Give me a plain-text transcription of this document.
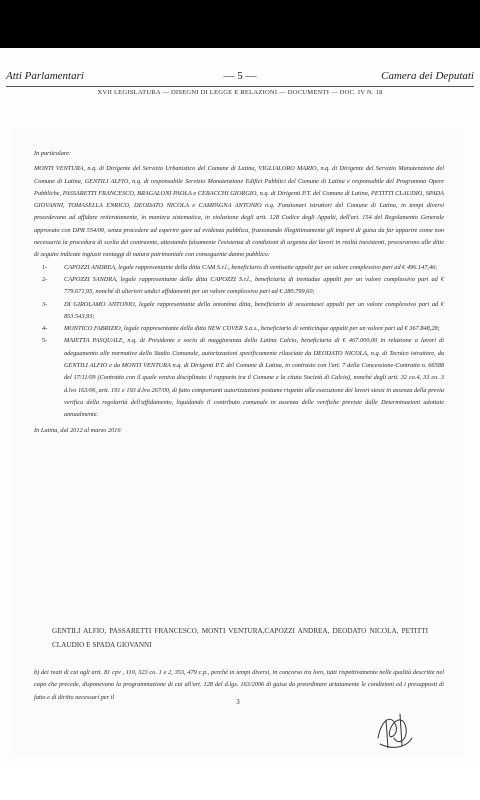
Atti Parlamentari	— 5 —	Camera dei Deputati
XVII LEGISLATURA — DISEGNI DI LEGGE E RELAZIONI — DOCUMENTI — DOC. IV N. 18

In particolare:

MONTI VENTURA, n.q. di Dirigente del Servizio Urbanistico del Comune di Latina, VIGLIALORO MARIO, n.q. di Dirigente del Servizio Manutenzione del Comune di Latina, GENTILI ALFIO, n.q. di responsabile Servizio Manutenzione Edifici Pubblici del Comune di Latina e responsabile del Programma Opere Pubbliche, PASSARETTI FRANCESCO, BRAGALONI PAOLA e CERACCHI GIORGIO, n.q. di Dirigenti P.T. del Comune di Latina, PETITTI CLAUDIO, SPADA GIOVANNI, TOMASELLA ENRICO, DEODATO NICOLA e CAMPAGNA ANTONIO n.q. Funzionari istruttori del Comune di Latina, in tempi diversi procedevano ad affidare reiteratamente, in maniera sistematica, in violazione degli artt. 128 Codice degli Appalti, dell'art. 154 del Regolamento Generale approvato con DPR 554/00, senza procedere ad esperire gare ad evidenza pubblica, frazionando illegittimamente gli importi di guisa da far apparire come non necessaria la procedura di scelta del contraente, attestando falsamente l'esistenza di condizioni di urgenza dei lavori in realtà inesistenti, procurarono alle ditte di seguito indicate ingiusti vantaggi di natura patrimoniale con conseguente danno pubblico:

1-	CAPOZZI ANDREA, legale rappresentante della ditta CAM S.r.l., beneficiario di ventisette appalti per un valore complessivo pari ad € 496.147,46;
2-	CAPOZZI SANDRA, legale rappresentante della ditta CAPOZZI S.r.l., beneficiaria di trentadue appalti per un valore complessivo pari ad € 779.671,95, nonché di ulteriori undici affidamenti per un valore complessivo pari ad € 280.799,60;
3-	DI GIROLAMO ANTONIO, legale rappresentante della omonima ditta, beneficiario di sessantasei appalti per un valore complessivo pari ad € 853.543,93;
4-	MONTICO FABRIZIO, legale rappresentante della ditta NEW COVER S.a.s., beneficiario di venticinque appalti per un valore pari ad € 367.848,28;
5-	MAIETTA PASQUALE, n.q. di Presidente e socio di maggioranza della Latina Calcio, beneficiaria di € 467.000,00 in relazione a lavori di adeguamento alle normative dello Stadio Comunale, autorizzazioni specificamente rilasciate da DEODATO NICOLA, n.q. di Tecnico istruttore, da GENTILI ALFIO e da MONTI VENTURA n.q. di Dirigenti P.T. del Comune di Latina, in contrasto con l'art. 7 della Concessione-Contratto n. 66588 del 17/11/09 (Contratto con il quale veniva disciplinato il rapporto tra il Comune e la citata Società di Calcio), nonché degli artt. 32 co.4, 33 co. 3 d.lvo 163/06, artt. 191 e 193 d.lvo 267/00, di fatto comportanti autorizzazioni postume rispetto alla esecuzione dei lavori stessi in assenza della previa verifica della regolarità dell'affidamento, liquidando il contributo comunale in assenza delle verifiche previste dalle Determinazioni adottate annualmente.

In Latina, dal 2012 al marzo 2016

GENTILI ALFIO, PASSARETTI FRANCESCO, MONTI VENTURA,CAPOZZI ANDREA, DEODATO NICOLA, PETITTI CLAUDIO E SPADA GIOVANNI
b) dei reati di cui agli artt. 81 cpv , 110, 323 co. 1 e 2, 353, 479 c.p., perché in tempi diversi, in concorso tra loro, tutti rispettivamente nelle qualità descritte nel capo che precede, disponevano la programmazione di cui all'art. 128 del d.lgs. 163/2006 di guisa da preordinare artatamente le condizioni ed i presupposti di fatto e di diritto necessari per il
3
